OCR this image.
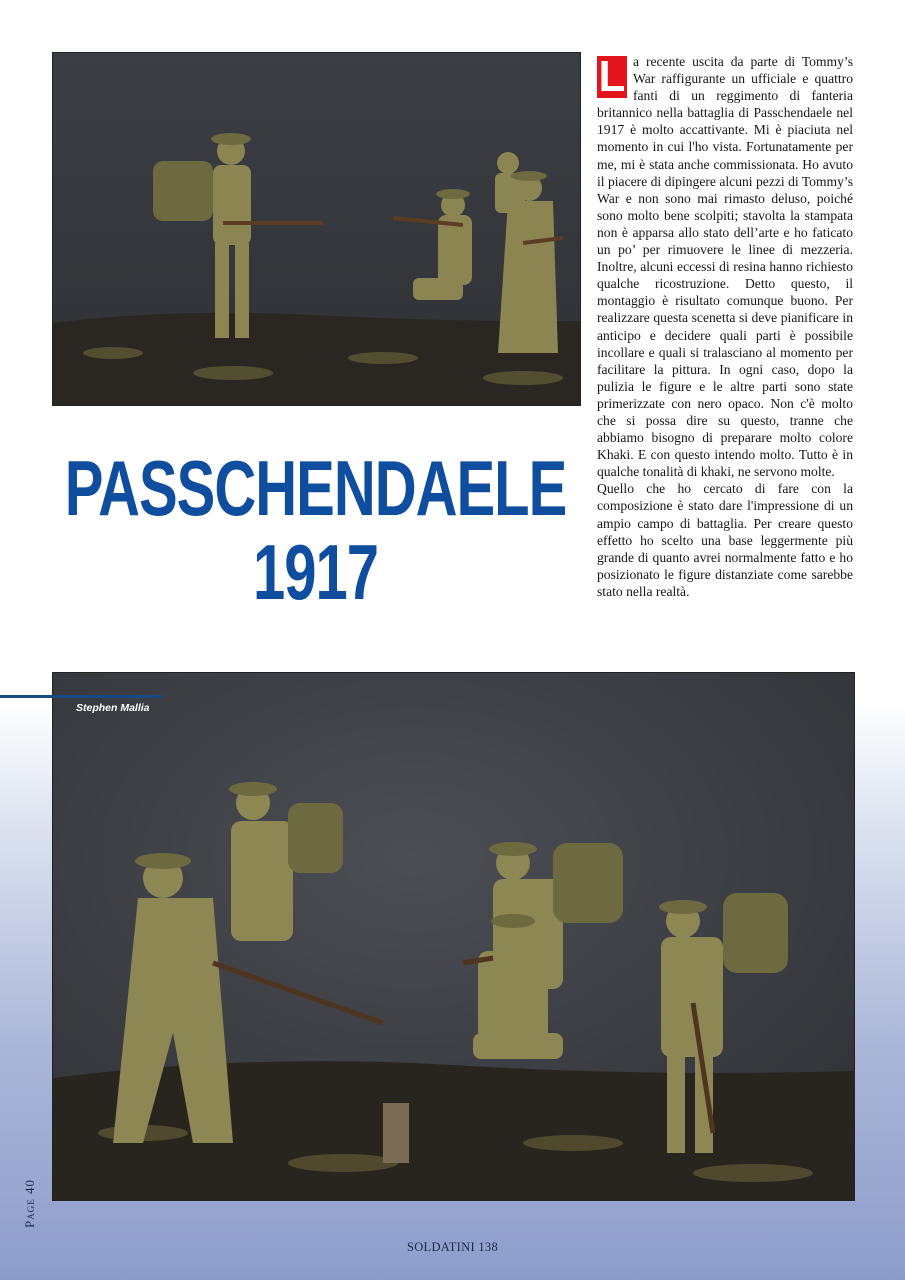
PASSCHENDAELE
1917

L a recente uscita da parte di Tommy’s War raffigurante un ufficiale e quattro fanti di un reggimento di fanteria britannico nella battaglia di Passchendaele nel 1917 è molto accattivante. Mi è piaciuta nel momento in cui l'ho vista. Fortunatamente per me, mi è stata anche commissionata. Ho avuto il piacere di dipingere alcuni pezzi di Tommy’s War e non sono mai rimasto deluso, poiché sono molto bene scolpiti; stavolta la stampata non è apparsa allo stato dell’arte e ho faticato un po’ per rimuovere le linee di mezzeria. Inoltre, alcuni eccessi di resina hanno richiesto qualche ricostruzione. Detto questo, il montaggio è risultato comunque buono. Per realizzare questa scenetta si deve pianificare in anticipo e decidere quali parti è possibile incollare e quali si tralasciano al momento per facilitare la pittura. In ogni caso, dopo la pulizia le figure e le altre parti sono state primerizzate con nero opaco. Non c'è molto che si possa dire su questo, tranne che abbiamo bisogno di preparare molto colore Khaki. E con questo intendo molto. Tutto è in qualche tonalità di khaki, ne servono molte.

Quello che ho cercato di fare con la composizione è stato dare l'impressione di un ampio campo di battaglia. Per creare questo effetto ho scelto una base leggermente più grande di quanto avrei normalmente fatto e ho posizionato le figure distanziate come sarebbe stato nella realtà.

Stephen Mallia
Page 40
SOLDATINI 138
